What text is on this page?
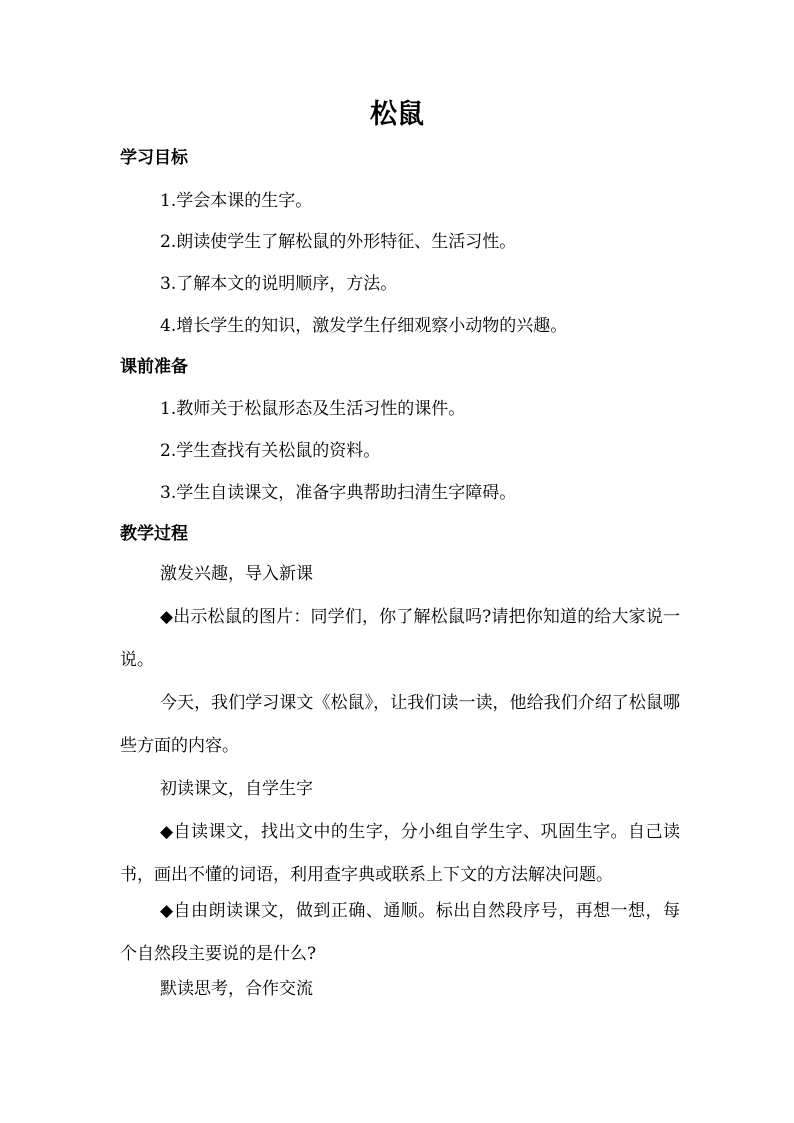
松鼠
学习目标

1.学会本课的生字。

2.朗读使学生了解松鼠的外形特征、生活习性。

3.了解本文的说明顺序，方法。

4.增长学生的知识，激发学生仔细观察小动物的兴趣。

课前准备

1.教师关于松鼠形态及生活习性的课件。

2.学生查找有关松鼠的资料。

3.学生自读课文，准备字典帮助扫清生字障碍。

教学过程

激发兴趣，导入新课

◆出示松鼠的图片：同学们，你了解松鼠吗?请把你知道的给大家说一说。

今天，我们学习课文《松鼠》，让我们读一读，他给我们介绍了松鼠哪些方面的内容。

初读课文，自学生字

◆自读课文，找出文中的生字，分小组自学生字、巩固生字。自己读书，画出不懂的词语，利用查字典或联系上下文的方法解决问题。

◆自由朗读课文，做到正确、通顺。标出自然段序号，再想一想，每个自然段主要说的是什么?

默读思考，合作交流
